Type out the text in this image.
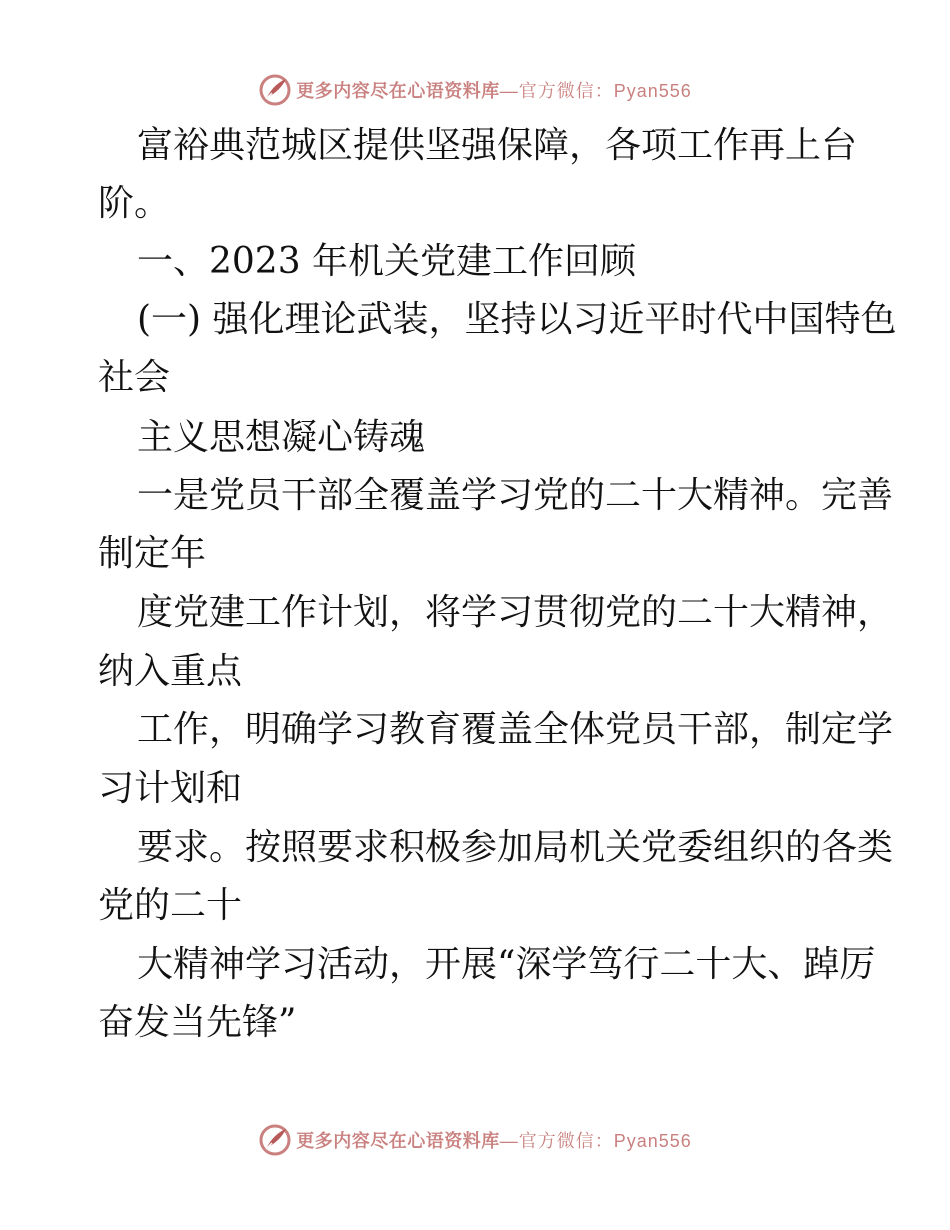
更多内容尽在心语资料库 —官方微信：Pyan556
富裕典范城区提供坚强保障，各项工作再上台
阶。
一、2023 年机关党建工作回顾
(一) 强化理论武装，坚持以习近平时代中国特色
社会
主义思想凝心铸魂
一是党员干部全覆盖学习党的二十大精神。完善
制定年
度党建工作计划，将学习贯彻党的二十大精神，
纳入重点
工作，明确学习教育覆盖全体党员干部，制定学
习计划和
要求。按照要求积极参加局机关党委组织的各类
党的二十
大精神学习活动，开展“深学笃行二十大、踔厉
奋发当先锋”
更多内容尽在心语资料库 —官方微信：Pyan556
